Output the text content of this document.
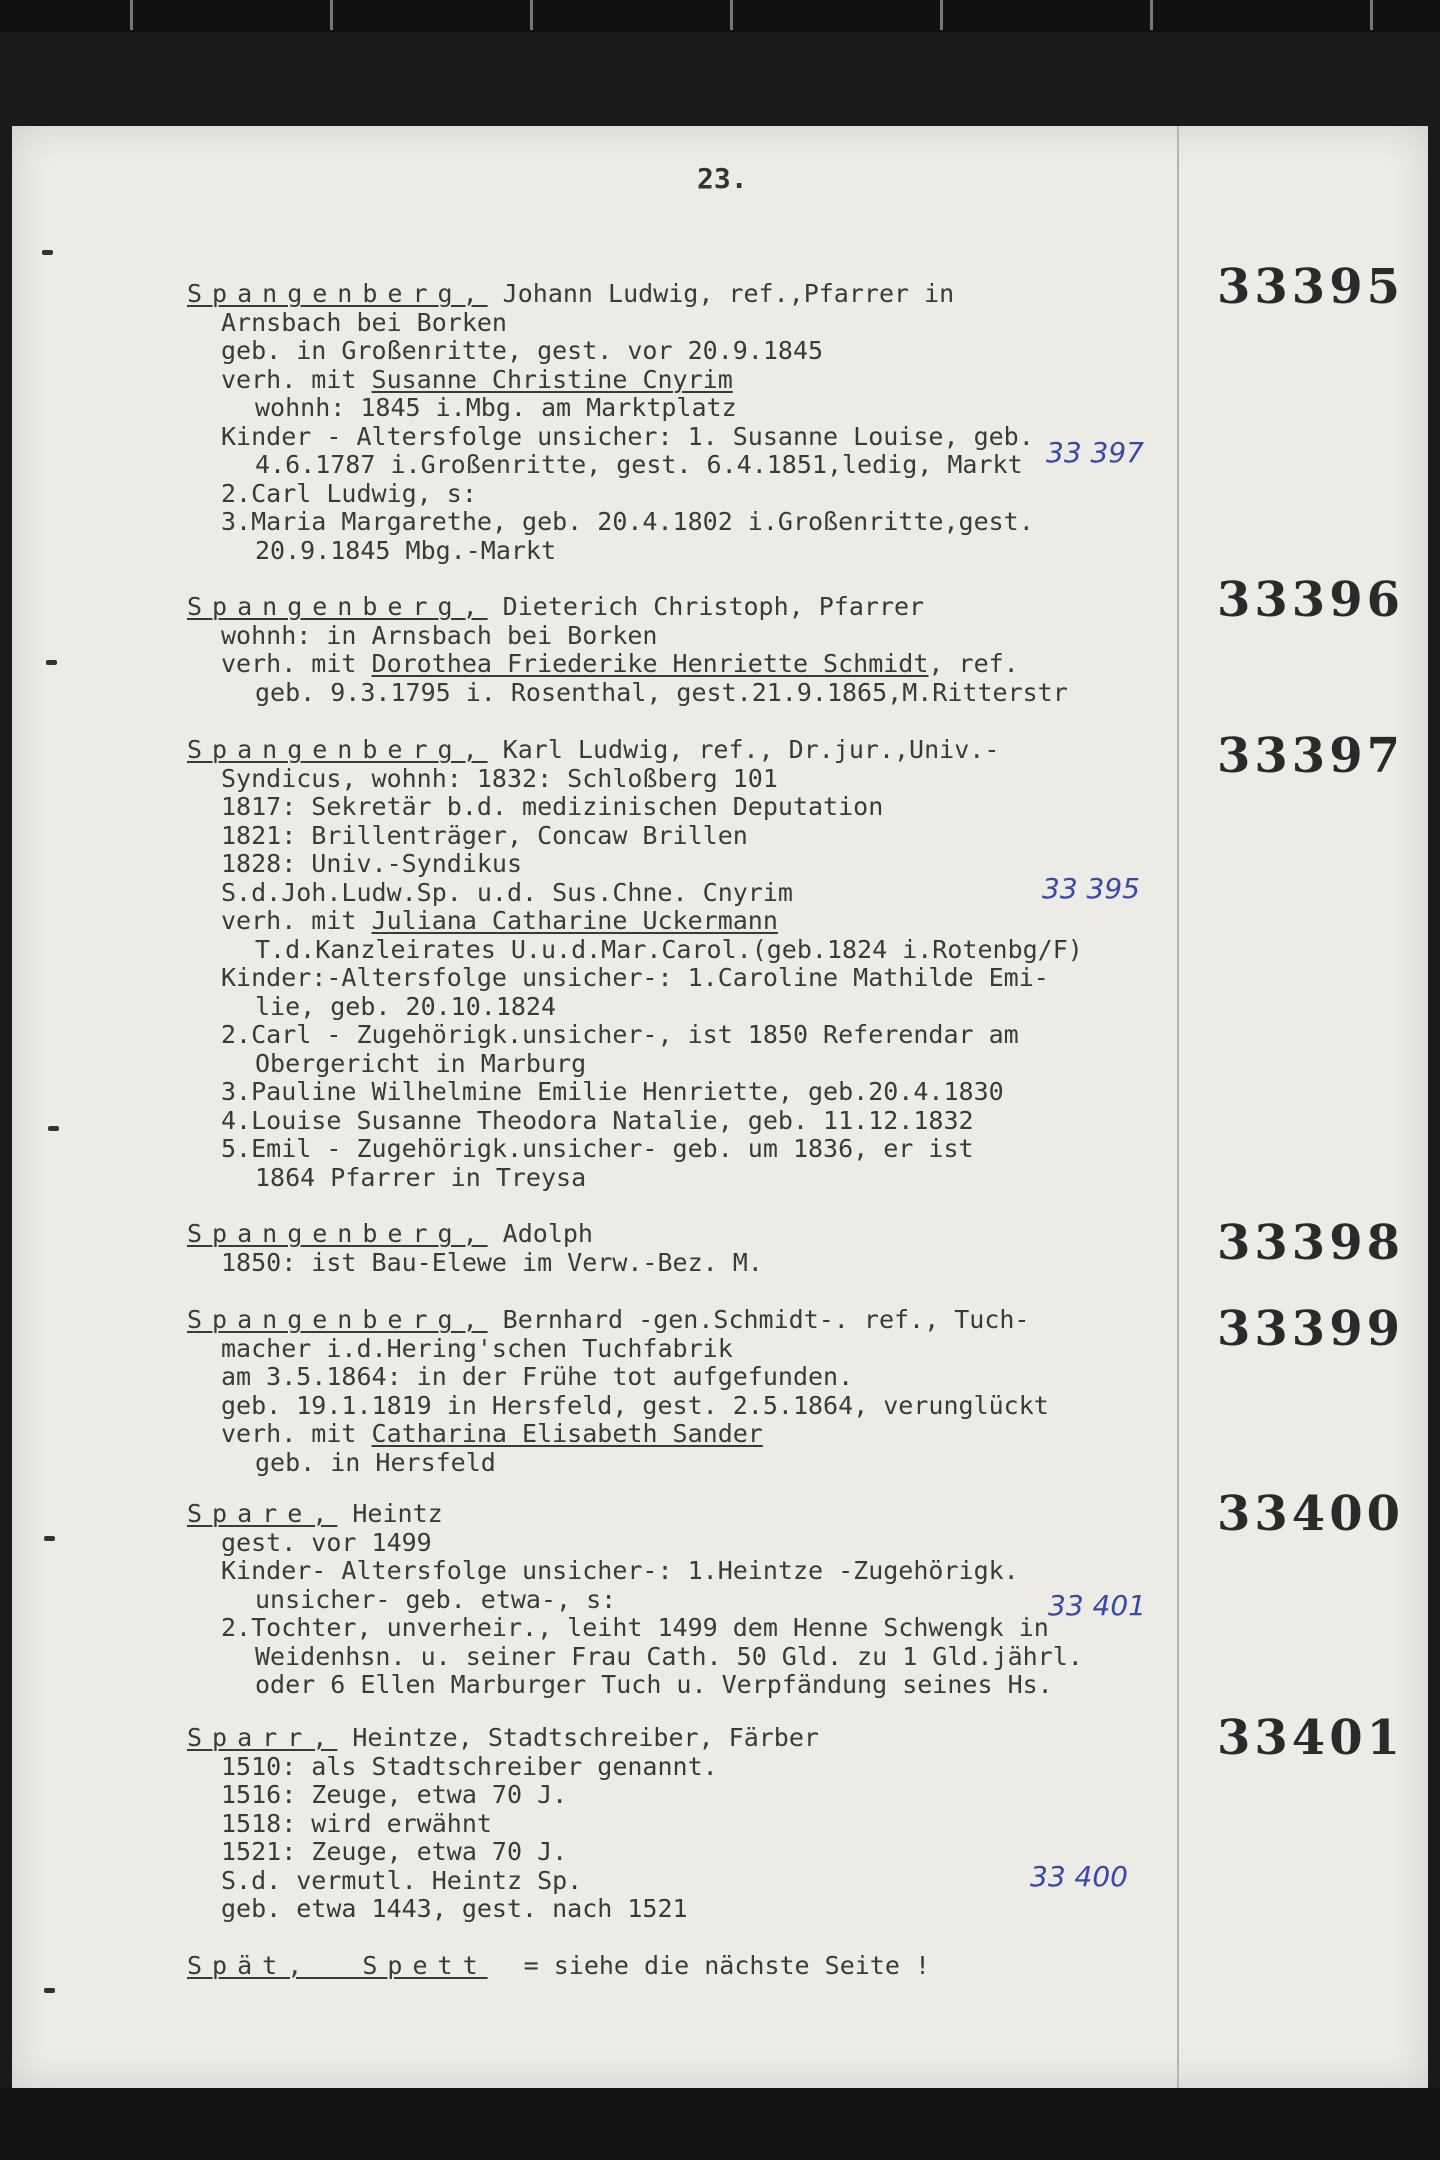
23.
Spangenberg, Johann Ludwig, ref.,Pfarrer in
Arnsbach bei Borken
geb. in Großenritte, gest. vor 20.9.1845
verh. mit Susanne Christine Cnyrim
wohnh: 1845 i.Mbg. am Marktplatz
Kinder - Altersfolge unsicher: 1. Susanne Louise, geb.
4.6.1787 i.Großenritte, gest. 6.4.1851,ledig, Markt
2.Carl Ludwig, s:
3.Maria Margarethe, geb. 20.4.1802 i.Großenritte,gest.
20.9.1845 Mbg.-Markt
33395
33 397
Spangenberg, Dieterich Christoph, Pfarrer
wohnh: in Arnsbach bei Borken
verh. mit Dorothea Friederike Henriette Schmidt, ref.
geb. 9.3.1795 i. Rosenthal, gest.21.9.1865,M.Ritterstr
33396
Spangenberg, Karl Ludwig, ref., Dr.jur.,Univ.-
Syndicus, wohnh: 1832: Schloßberg 101
1817: Sekretär b.d. medizinischen Deputation
1821: Brillenträger, Concaw Brillen
1828: Univ.-Syndikus
S.d.Joh.Ludw.Sp. u.d. Sus.Chne. Cnyrim
verh. mit Juliana Catharine Uckermann
T.d.Kanzleirates U.u.d.Mar.Carol.(geb.1824 i.Rotenbg/F)
Kinder:-Altersfolge unsicher-: 1.Caroline Mathilde Emi-
lie, geb. 20.10.1824
2.Carl - Zugehörigk.unsicher-, ist 1850 Referendar am
Obergericht in Marburg
3.Pauline Wilhelmine Emilie Henriette, geb.20.4.1830
4.Louise Susanne Theodora Natalie, geb. 11.12.1832
5.Emil - Zugehörigk.unsicher- geb. um 1836, er ist
1864 Pfarrer in Treysa
33397
33 395
Spangenberg, Adolph
1850: ist Bau-Elewe im Verw.-Bez. M.	33398
Spangenberg, Bernhard -gen.Schmidt-. ref., Tuch-
macher i.d.Hering'schen Tuchfabrik
am 3.5.1864: in der Frühe tot aufgefunden.
geb. 19.1.1819 in Hersfeld, gest. 2.5.1864, verunglückt
verh. mit Catharina Elisabeth Sander
geb. in Hersfeld
33399
Spare, Heintz
gest. vor 1499
Kinder- Altersfolge unsicher-: 1.Heintze -Zugehörigk.
unsicher- geb. etwa-, s:
2.Tochter, unverheir., leiht 1499 dem Henne Schwengk in
Weidenhsn. u. seiner Frau Cath. 50 Gld. zu 1 Gld.jährl.
oder 6 Ellen Marburger Tuch u. Verpfändung seines Hs.
33400
33 401
Sparr, Heintze, Stadtschreiber, Färber
1510: als Stadtschreiber genannt.
1516: Zeuge, etwa 70 J.
1518: wird erwähnt
1521: Zeuge, etwa 70 J.
S.d. vermutl. Heintz Sp.
geb. etwa 1443, gest. nach 1521
33401
33 400
Spät,  Spett = siehe die nächste Seite !
